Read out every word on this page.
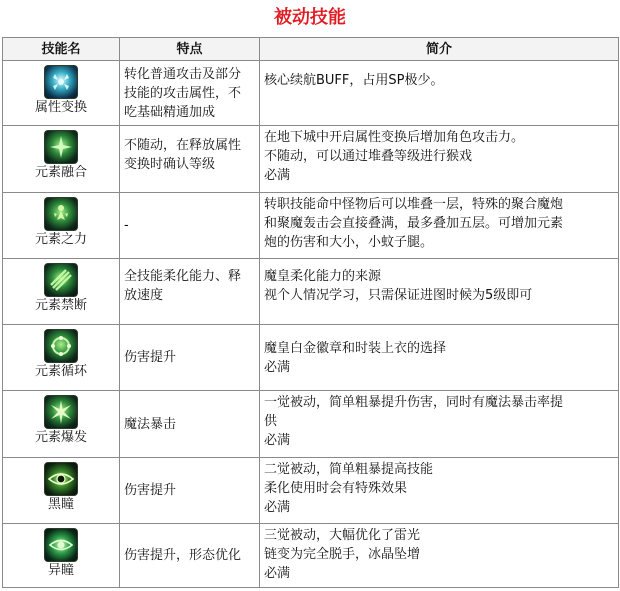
被动技能
技能名	特点	简介

属性变换	转化普通攻击及部分
技能的攻击属性，不
吃基础精通加成	核心续航BUFF，占用SP极少。

元素融合	不随动，在释放属性
变换时确认等级	在地下城中开启属性变换后增加角色攻击力。
不随动，可以通过堆叠等级进行猴戏
必满

元素之力	-	转职技能命中怪物后可以堆叠一层，特殊的聚合魔炮
和聚魔轰击会直接叠满，最多叠加五层。可增加元素
炮的伤害和大小，小蚊子腿。

元素禁断	全技能柔化能力、释
放速度	魔皇柔化能力的来源
视个人情况学习，只需保证进图时候为5级即可

元素循环	伤害提升	魔皇白金徽章和时装上衣的选择
必满

元素爆发	魔法暴击	一觉被动，简单粗暴提升伤害，同时有魔法暴击率提
供
必满

黑瞳	伤害提升	二觉被动，简单粗暴提高技能
柔化使用时会有特殊效果
必满

异瞳	伤害提升，形态优化	三觉被动，大幅优化了雷光
链变为完全脱手，冰晶坠增
必满
